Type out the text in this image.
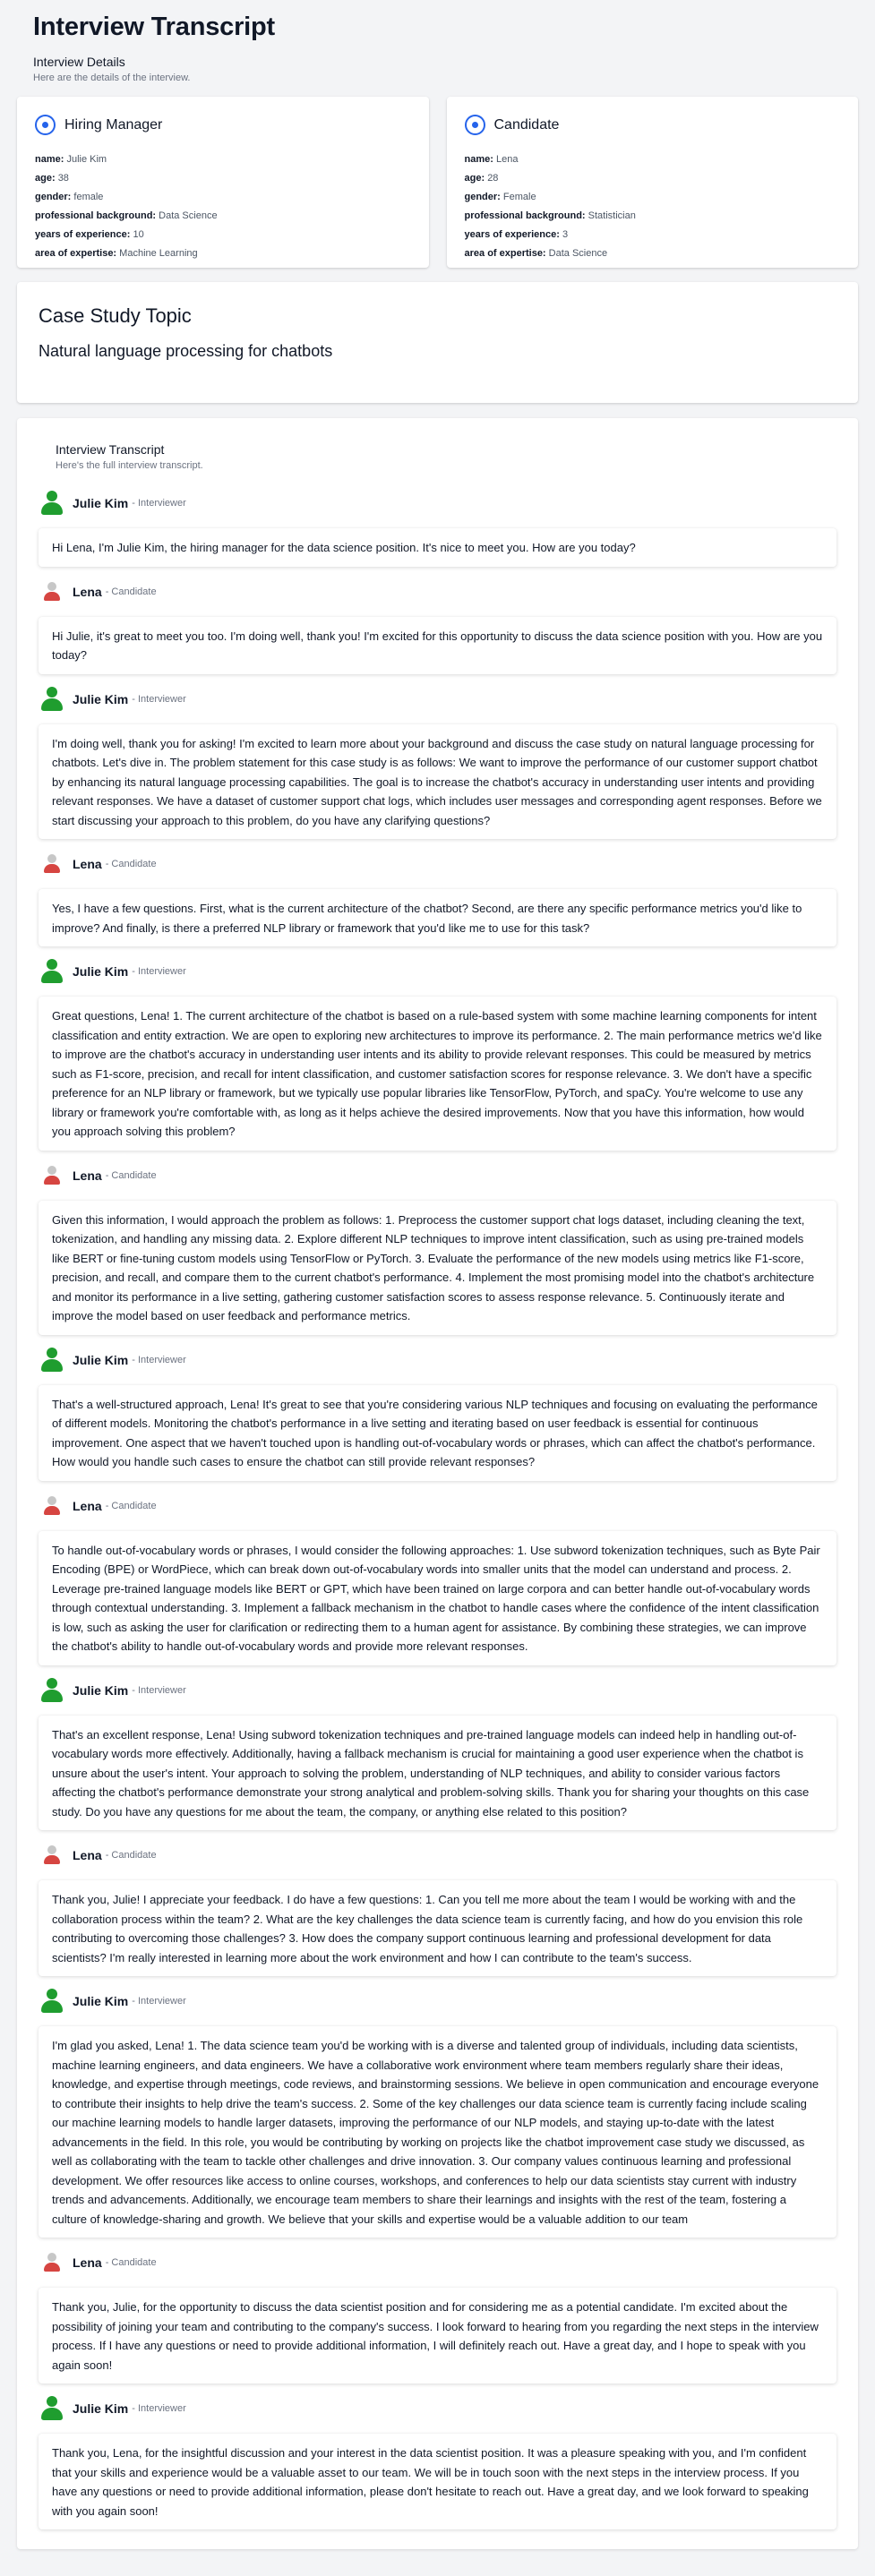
Interview Transcript
Interview Details
Here are the details of the interview.
Hiring Manager
name: Julie Kim
age: 38
gender: female
professional background: Data Science
years of experience: 10
area of expertise: Machine Learning
Candidate
name: Lena
age: 28
gender: Female
professional background: Statistician
years of experience: 3
area of expertise: Data Science
Case Study Topic
Natural language processing for chatbots
Interview Transcript
Here's the full interview transcript.
Julie Kim - Interviewer
Hi Lena, I'm Julie Kim, the hiring manager for the data science position. It's nice to meet you. How are you today?
Lena - Candidate
Hi Julie, it's great to meet you too. I'm doing well, thank you! I'm excited for this opportunity to discuss the data science position with you. How are you today?
Julie Kim - Interviewer
I'm doing well, thank you for asking! I'm excited to learn more about your background and discuss the case study on natural language processing for chatbots. Let's dive in. The problem statement for this case study is as follows: We want to improve the performance of our customer support chatbot by enhancing its natural language processing capabilities. The goal is to increase the chatbot's accuracy in understanding user intents and providing relevant responses. We have a dataset of customer support chat logs, which includes user messages and corresponding agent responses. Before we start discussing your approach to this problem, do you have any clarifying questions?
Lena - Candidate
Yes, I have a few questions. First, what is the current architecture of the chatbot? Second, are there any specific performance metrics you'd like to improve? And finally, is there a preferred NLP library or framework that you'd like me to use for this task?
Julie Kim - Interviewer
Great questions, Lena! 1. The current architecture of the chatbot is based on a rule-based system with some machine learning components for intent classification and entity extraction. We are open to exploring new architectures to improve its performance. 2. The main performance metrics we'd like to improve are the chatbot's accuracy in understanding user intents and its ability to provide relevant responses. This could be measured by metrics such as F1-score, precision, and recall for intent classification, and customer satisfaction scores for response relevance. 3. We don't have a specific preference for an NLP library or framework, but we typically use popular libraries like TensorFlow, PyTorch, and spaCy. You're welcome to use any library or framework you're comfortable with, as long as it helps achieve the desired improvements. Now that you have this information, how would you approach solving this problem?
Lena - Candidate
Given this information, I would approach the problem as follows: 1. Preprocess the customer support chat logs dataset, including cleaning the text, tokenization, and handling any missing data. 2. Explore different NLP techniques to improve intent classification, such as using pre-trained models like BERT or fine-tuning custom models using TensorFlow or PyTorch. 3. Evaluate the performance of the new models using metrics like F1-score, precision, and recall, and compare them to the current chatbot's performance. 4. Implement the most promising model into the chatbot's architecture and monitor its performance in a live setting, gathering customer satisfaction scores to assess response relevance. 5. Continuously iterate and improve the model based on user feedback and performance metrics.
Julie Kim - Interviewer
That's a well-structured approach, Lena! It's great to see that you're considering various NLP techniques and focusing on evaluating the performance of different models. Monitoring the chatbot's performance in a live setting and iterating based on user feedback is essential for continuous improvement. One aspect that we haven't touched upon is handling out-of-vocabulary words or phrases, which can affect the chatbot's performance. How would you handle such cases to ensure the chatbot can still provide relevant responses?
Lena - Candidate
To handle out-of-vocabulary words or phrases, I would consider the following approaches: 1. Use subword tokenization techniques, such as Byte Pair Encoding (BPE) or WordPiece, which can break down out-of-vocabulary words into smaller units that the model can understand and process. 2. Leverage pre-trained language models like BERT or GPT, which have been trained on large corpora and can better handle out-of-vocabulary words through contextual understanding. 3. Implement a fallback mechanism in the chatbot to handle cases where the confidence of the intent classification is low, such as asking the user for clarification or redirecting them to a human agent for assistance. By combining these strategies, we can improve the chatbot's ability to handle out-of-vocabulary words and provide more relevant responses.
Julie Kim - Interviewer
That's an excellent response, Lena! Using subword tokenization techniques and pre-trained language models can indeed help in handling out-of-vocabulary words more effectively. Additionally, having a fallback mechanism is crucial for maintaining a good user experience when the chatbot is unsure about the user's intent. Your approach to solving the problem, understanding of NLP techniques, and ability to consider various factors affecting the chatbot's performance demonstrate your strong analytical and problem-solving skills. Thank you for sharing your thoughts on this case study. Do you have any questions for me about the team, the company, or anything else related to this position?
Lena - Candidate
Thank you, Julie! I appreciate your feedback. I do have a few questions: 1. Can you tell me more about the team I would be working with and the collaboration process within the team? 2. What are the key challenges the data science team is currently facing, and how do you envision this role contributing to overcoming those challenges? 3. How does the company support continuous learning and professional development for data scientists? I'm really interested in learning more about the work environment and how I can contribute to the team's success.
Julie Kim - Interviewer
I'm glad you asked, Lena! 1. The data science team you'd be working with is a diverse and talented group of individuals, including data scientists, machine learning engineers, and data engineers. We have a collaborative work environment where team members regularly share their ideas, knowledge, and expertise through meetings, code reviews, and brainstorming sessions. We believe in open communication and encourage everyone to contribute their insights to help drive the team's success. 2. Some of the key challenges our data science team is currently facing include scaling our machine learning models to handle larger datasets, improving the performance of our NLP models, and staying up-to-date with the latest advancements in the field. In this role, you would be contributing by working on projects like the chatbot improvement case study we discussed, as well as collaborating with the team to tackle other challenges and drive innovation. 3. Our company values continuous learning and professional development. We offer resources like access to online courses, workshops, and conferences to help our data scientists stay current with industry trends and advancements. Additionally, we encourage team members to share their learnings and insights with the rest of the team, fostering a culture of knowledge-sharing and growth. We believe that your skills and expertise would be a valuable addition to our team
Lena - Candidate
Thank you, Julie, for the opportunity to discuss the data scientist position and for considering me as a potential candidate. I'm excited about the possibility of joining your team and contributing to the company's success. I look forward to hearing from you regarding the next steps in the interview process. If I have any questions or need to provide additional information, I will definitely reach out. Have a great day, and I hope to speak with you again soon!
Julie Kim - Interviewer
Thank you, Lena, for the insightful discussion and your interest in the data scientist position. It was a pleasure speaking with you, and I'm confident that your skills and experience would be a valuable asset to our team. We will be in touch soon with the next steps in the interview process. If you have any questions or need to provide additional information, please don't hesitate to reach out. Have a great day, and we look forward to speaking with you again soon!
